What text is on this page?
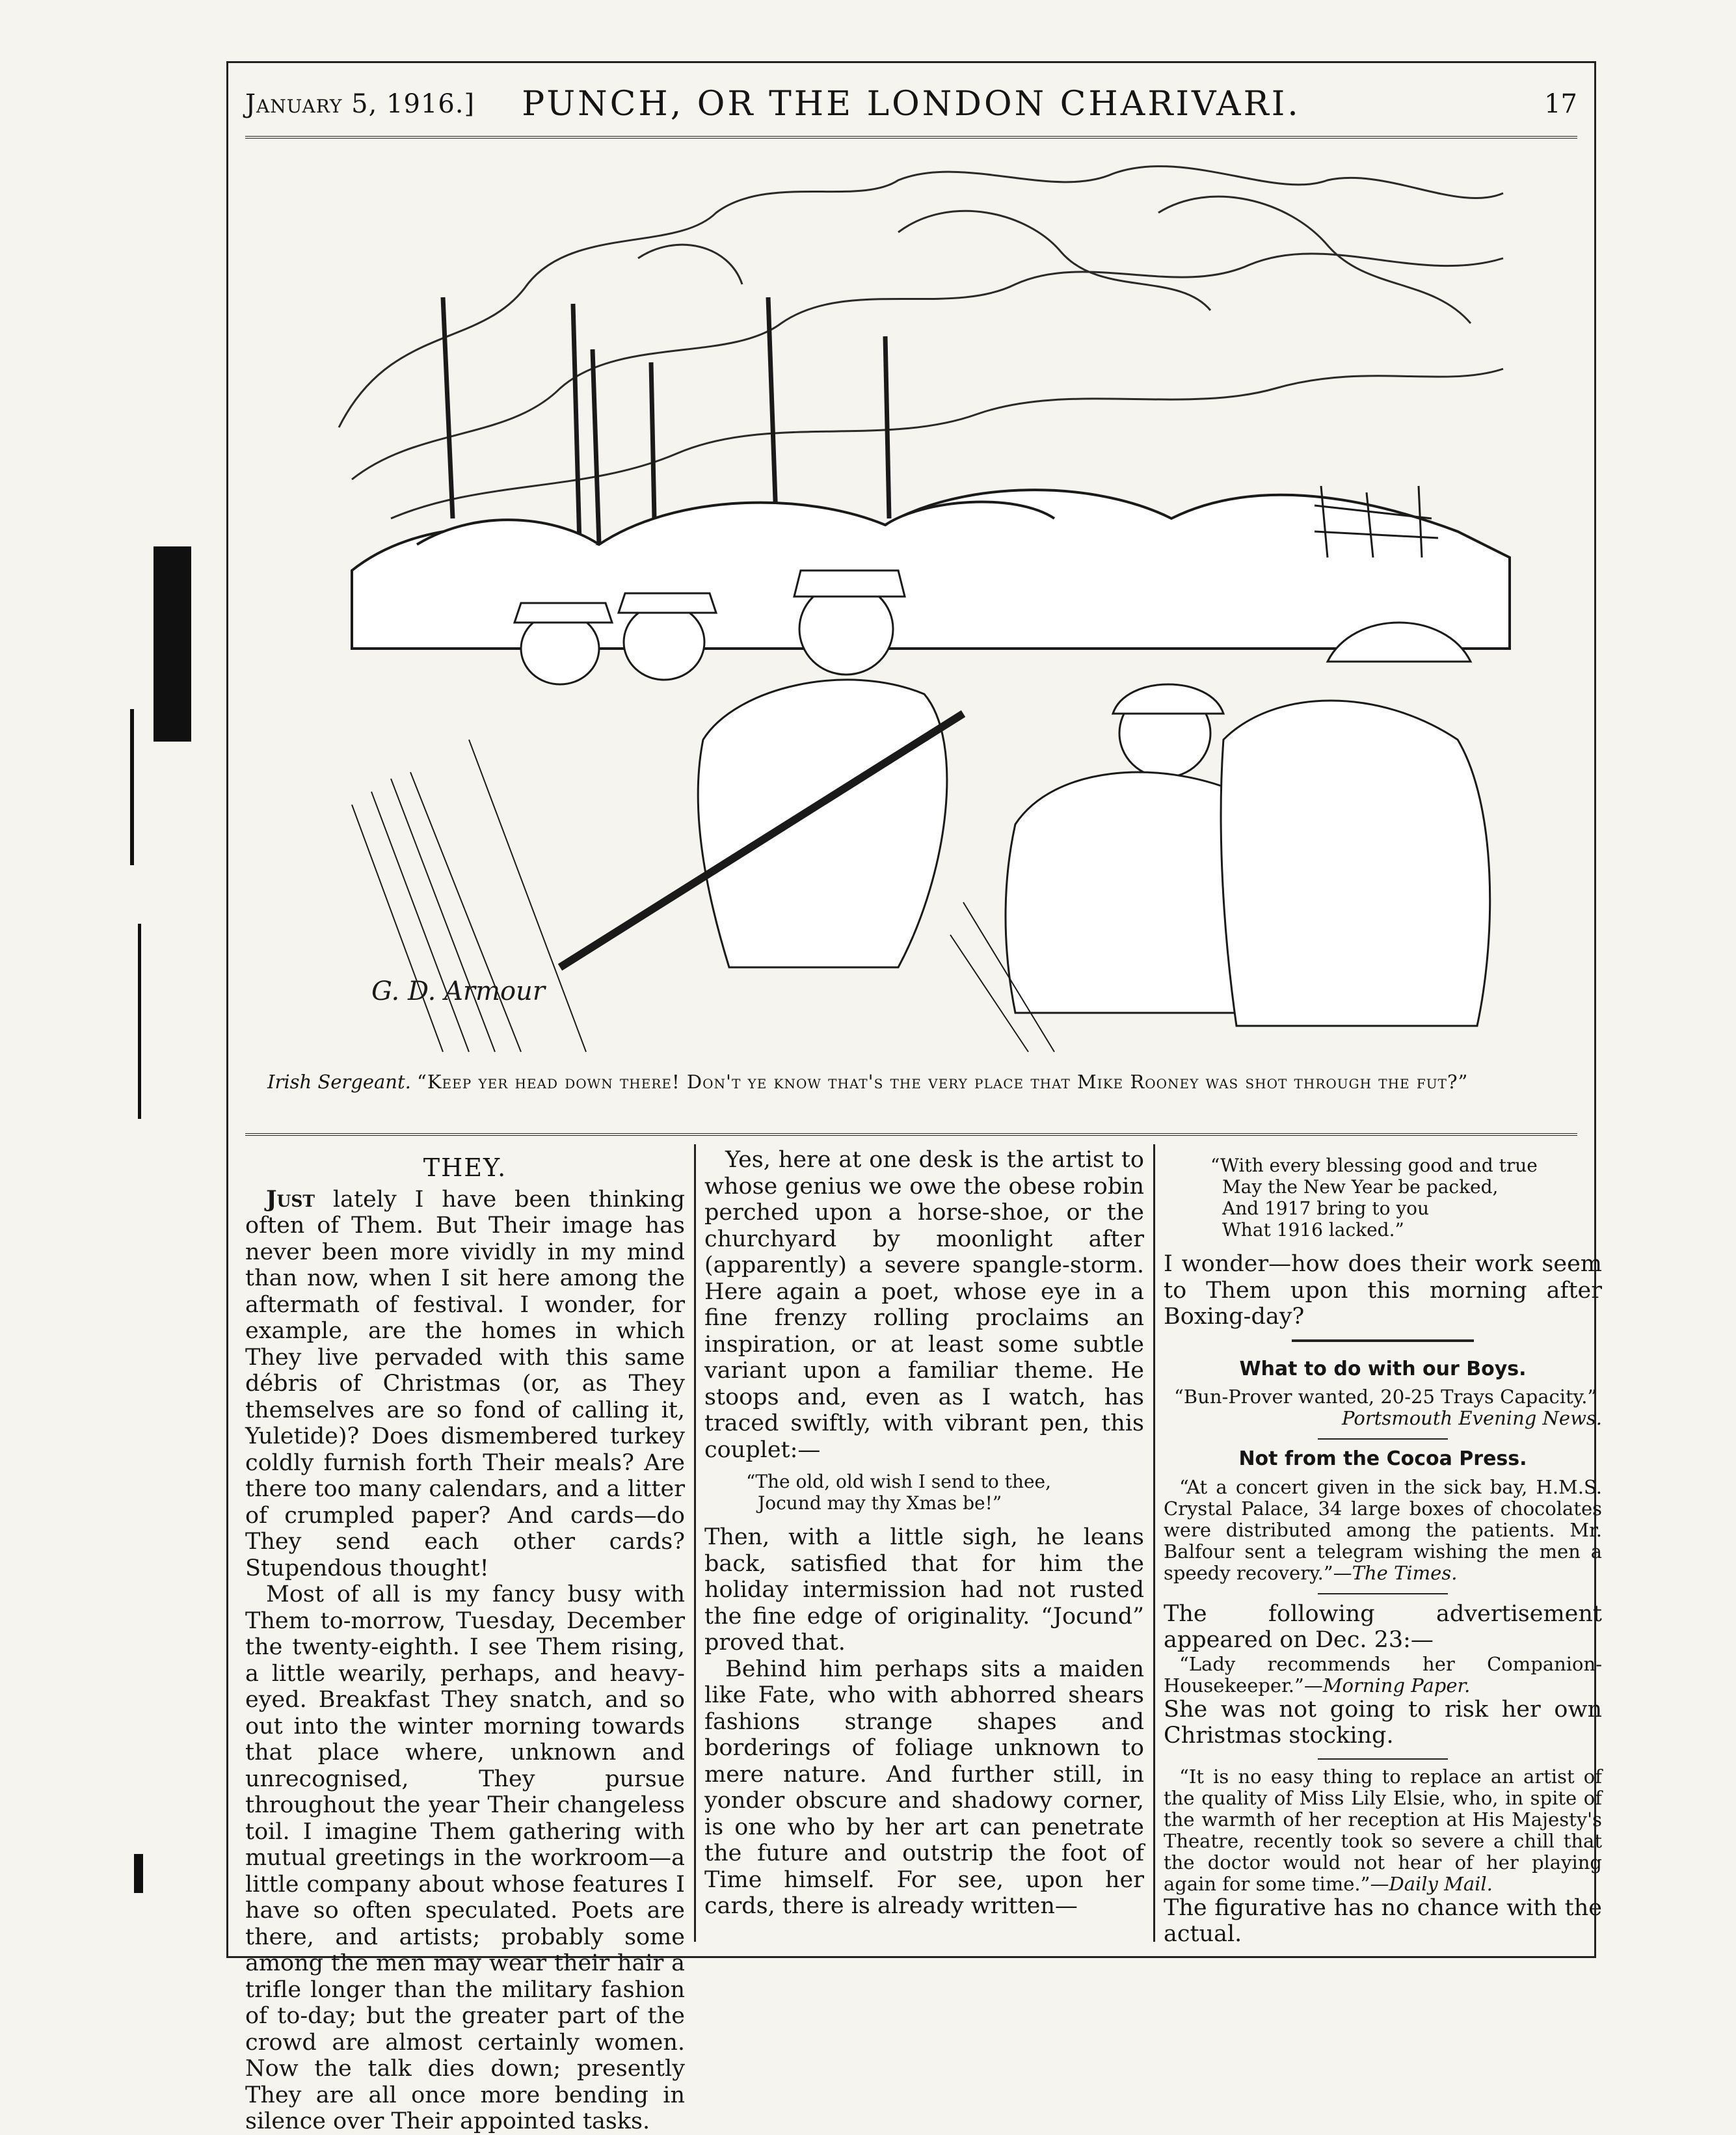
January 5, 1916.]	PUNCH, OR THE LONDON CHARIVARI.	17
G. D. Armour
Irish Sergeant. “Keep yer head down there! Don't ye know that's the very place that Mike Rooney was shot through the fut?”
THEY.

Just lately I have been thinking often of Them. But Their image has never been more vividly in my mind than now, when I sit here among the aftermath of festival. I wonder, for example, are the homes in which They live pervaded with this same débris of Christmas (or, as They themselves are so fond of calling it, Yuletide)? Does dismembered turkey coldly furnish forth Their meals? Are there too many calendars, and a litter of crumpled paper? And cards—do They send each other cards? Stupendous thought!

Most of all is my fancy busy with Them to-morrow, Tuesday, December the twenty-eighth. I see Them rising, a little wearily, perhaps, and heavy-eyed. Breakfast They snatch, and so out into the winter morning towards that place where, unknown and unrecognised, They pursue throughout the year Their changeless toil. I imagine Them gathering with mutual greetings in the workroom—a little company about whose features I have so often speculated. Poets are there, and artists; probably some among the men may wear their hair a trifle longer than the military fashion of to-day; but the greater part of the crowd are almost certainly women. Now the talk dies down; presently They are all once more bending in silence over Their appointed tasks.

Yes, here at one desk is the artist to whose genius we owe the obese robin perched upon a horse-shoe, or the churchyard by moonlight after (apparently) a severe spangle-storm. Here again a poet, whose eye in a fine frenzy rolling proclaims an inspiration, or at least some subtle variant upon a familiar theme. He stoops and, even as I watch, has traced swiftly, with vibrant pen, this couplet:—

“The old, old wish I send to thee,
Jocund may thy Xmas be!”

Then, with a little sigh, he leans back, satisfied that for him the holiday intermission had not rusted the fine edge of originality. “Jocund” proved that.

Behind him perhaps sits a maiden like Fate, who with abhorred shears fashions strange shapes and borderings of foliage unknown to mere nature. And further still, in yonder obscure and shadowy corner, is one who by her art can penetrate the future and outstrip the foot of Time himself. For see, upon her cards, there is already written—

“With every blessing good and true
May the New Year be packed,
And 1917 bring to you
What 1916 lacked.”

I wonder—how does their work seem to Them upon this morning after Boxing-day?

What to do with our Boys.

“Bun-Prover wanted, 20-25 Trays Capacity.”

Portsmouth Evening News.
Not from the Cocoa Press.

“At a concert given in the sick bay, H.M.S. Crystal Palace, 34 large boxes of chocolates were distributed among the patients. Mr. Balfour sent a telegram wishing the men a speedy recovery.”—The Times.

The following advertisement appeared on Dec. 23:—

“Lady recommends her Companion-Housekeeper.”—Morning Paper.

She was not going to risk her own Christmas stocking.

“It is no easy thing to replace an artist of the quality of Miss Lily Elsie, who, in spite of the warmth of her reception at His Majesty's Theatre, recently took so severe a chill that the doctor would not hear of her playing again for some time.”—Daily Mail.

The figurative has no chance with the actual.
